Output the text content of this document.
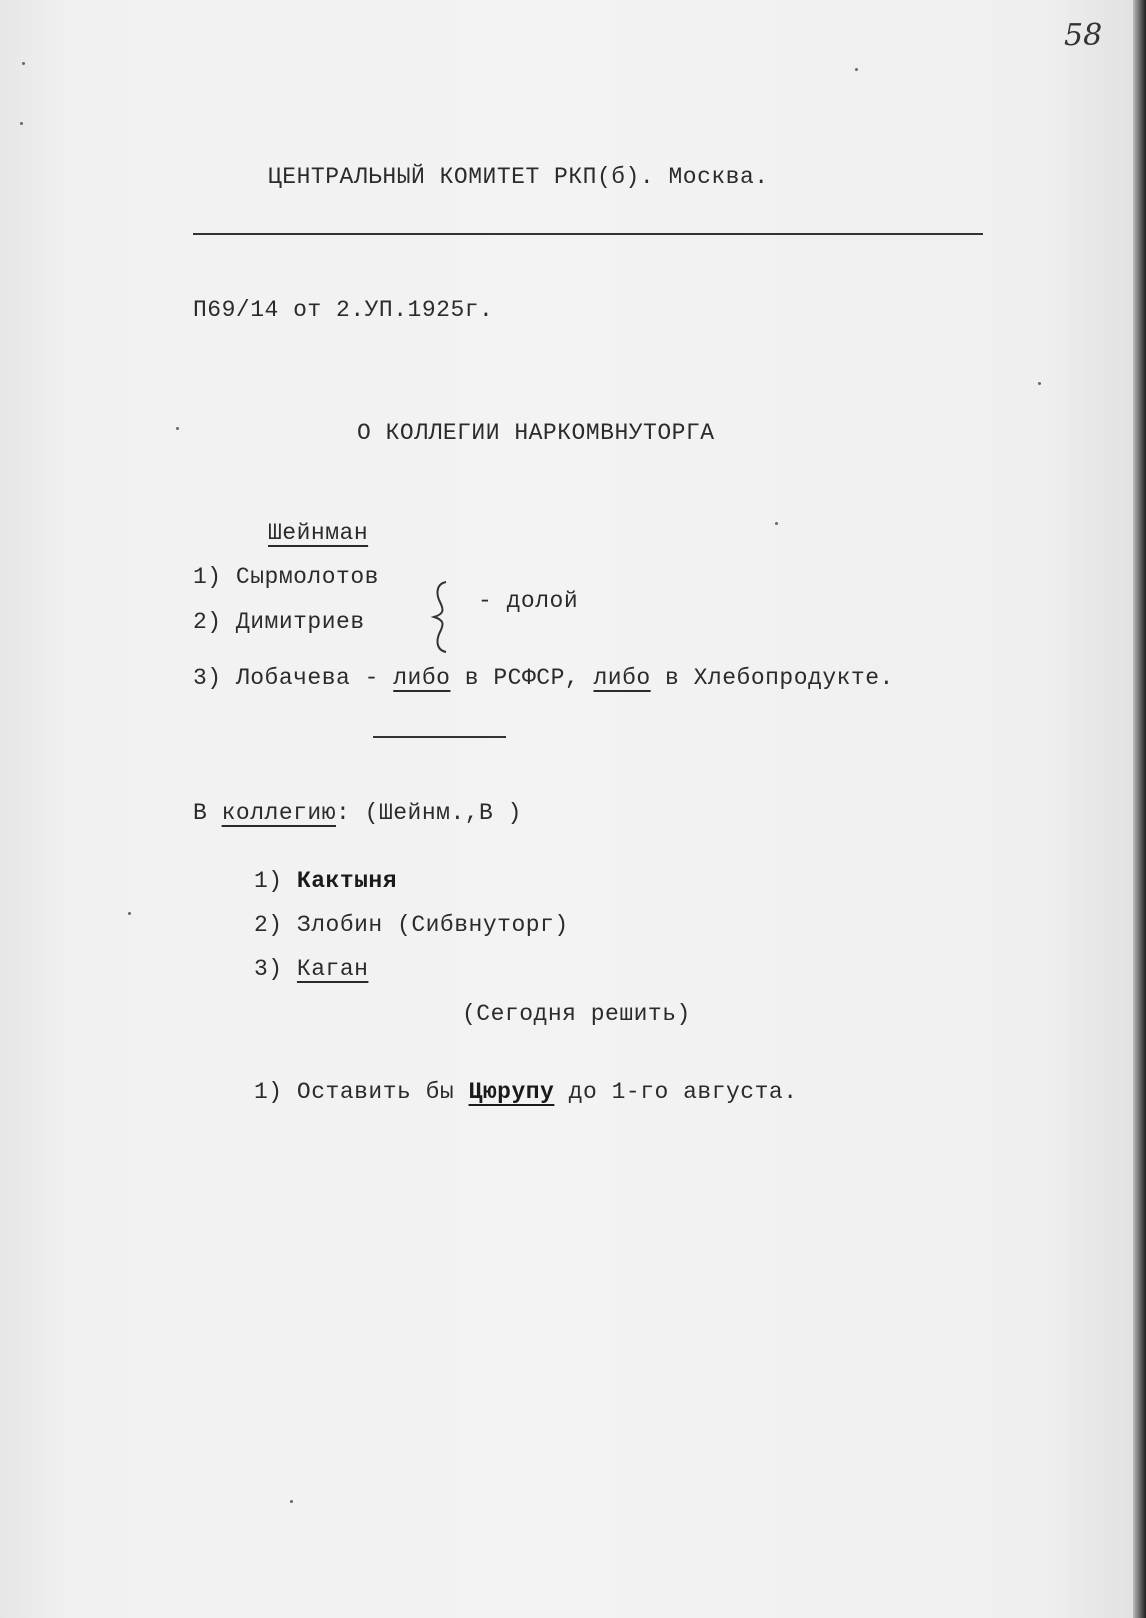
58
ЦЕНТРАЛЬНЫЙ КОМИТЕТ РКП(б). Москва.
П69/14 от 2.УП.1925г.
О КОЛЛЕГИИ НАРКОМВНУТОРГА
Шейнман
1) Сырмолотов
2) Димитриев
- долой
3) Лобачева - либо в РСФСР, либо в Хлебопродукте.
В коллегию: (Шейнм.,В )
1) Кактыня
2) Злобин (Сибвнуторг)
3) Каган
(Сегодня решить)
1) Оставить бы Цюрупу до 1-го августа.
